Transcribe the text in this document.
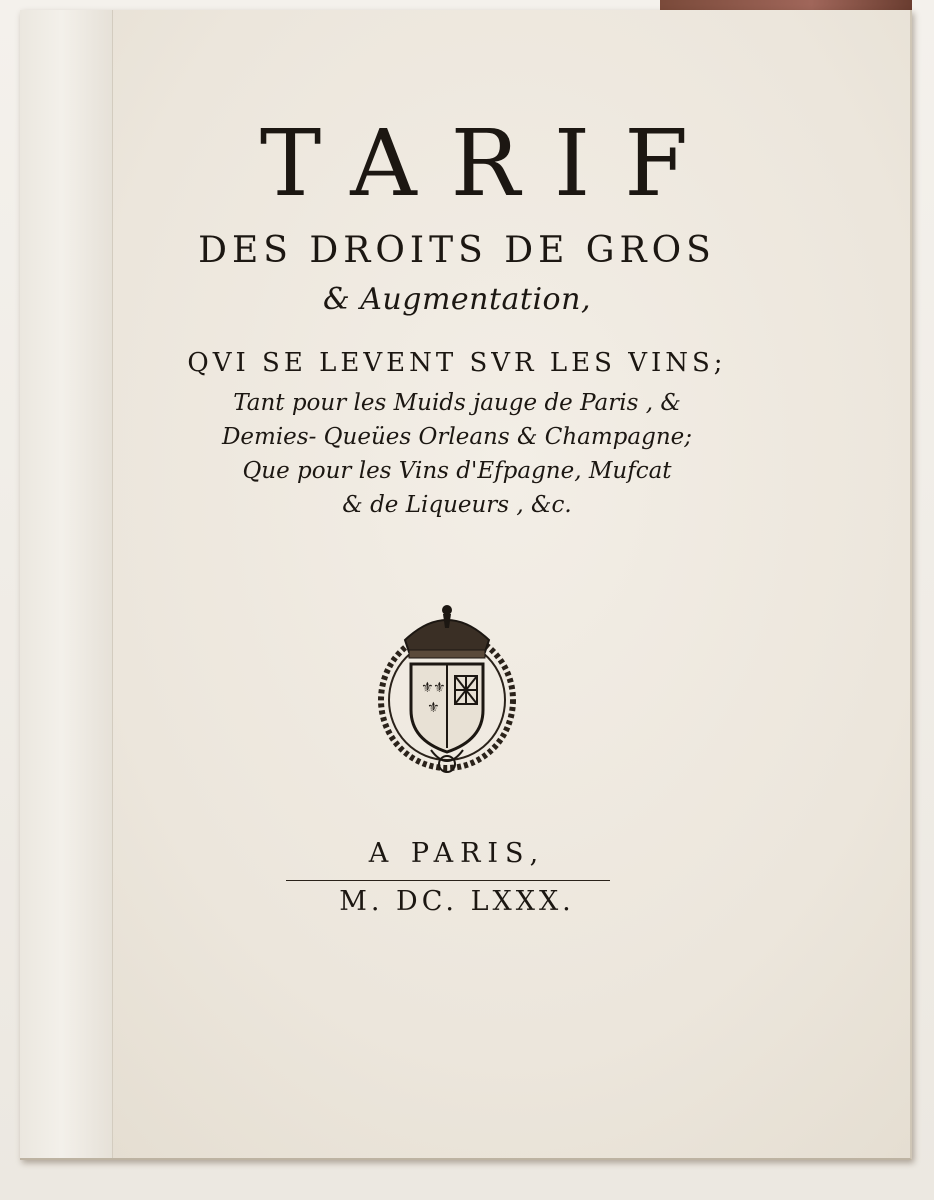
TARIF
DES DROITS DE GROS
& Augmentation,
QVI SE LEVENT SVR LES VINS;
Tant pour les Muids jauge de Paris , &
Demies- Queües Orleans & Champagne;
Que pour les Vins d'Efpagne, Mufcat
& de Liqueurs , &c.
⚜ ⚜
⚜
A PARIS,
M. DC. LXXX.
